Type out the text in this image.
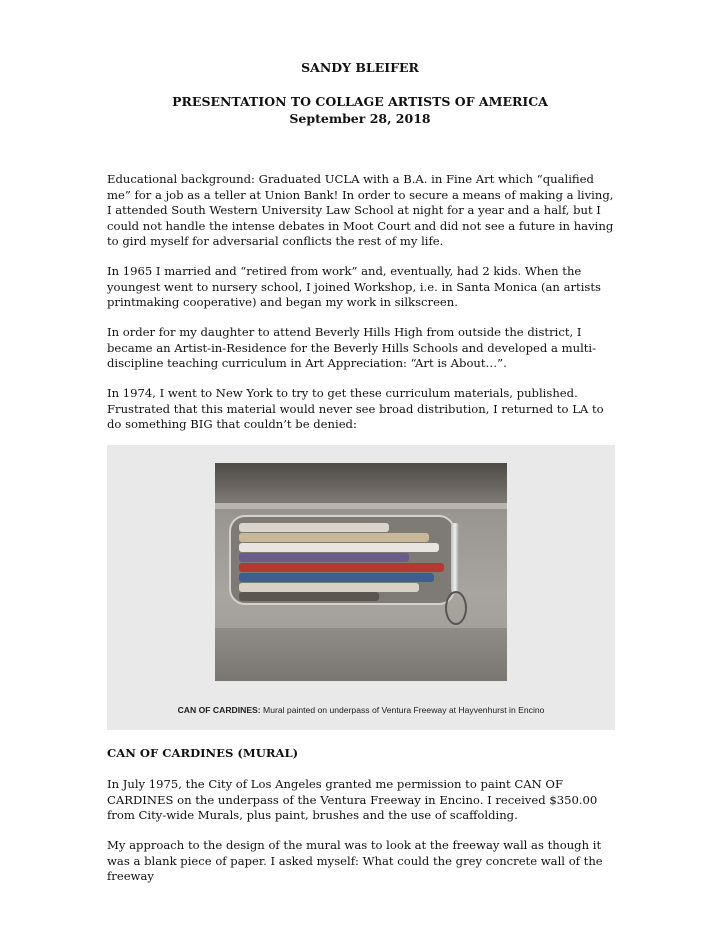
SANDY BLEIFER
PRESENTATION TO COLLAGE ARTISTS OF AMERICA
September 28, 2018

Educational background: Graduated UCLA with a B.A. in Fine Art which “qualified me” for a job as a teller at Union Bank! In order to secure a means of making a living, I attended South Western University Law School at night for a year and a half, but I could not handle the intense debates in Moot Court and did not see a future in having to gird myself for adversarial conflicts the rest of my life.

In 1965 I married and “retired from work” and, eventually, had 2 kids. When the youngest went to nursery school, I joined Workshop, i.e. in Santa Monica (an artists printmaking cooperative) and began my work in silkscreen.

In order for my daughter to attend Beverly Hills High from outside the district, I became an Artist-in-Residence for the Beverly Hills Schools and developed a multi-discipline teaching curriculum in Art Appreciation: “Art is About…”.

In 1974, I went to New York to try to get these curriculum materials, published. Frustrated that this material would never see broad distribution, I returned to LA to do something BIG that couldn’t be denied:

CAN OF CARDINES: Mural painted on underpass of Ventura Freeway at Hayvenhurst in Encino
CAN OF CARDINES (MURAL)

In July 1975, the City of Los Angeles granted me permission to paint CAN OF CARDINES on the underpass of the Ventura Freeway in Encino. I received $350.00 from City-wide Murals, plus paint, brushes and the use of scaffolding.

My approach to the design of the mural was to look at the freeway wall as though it was a blank piece of paper. I asked myself: What could the grey concrete wall of the freeway
